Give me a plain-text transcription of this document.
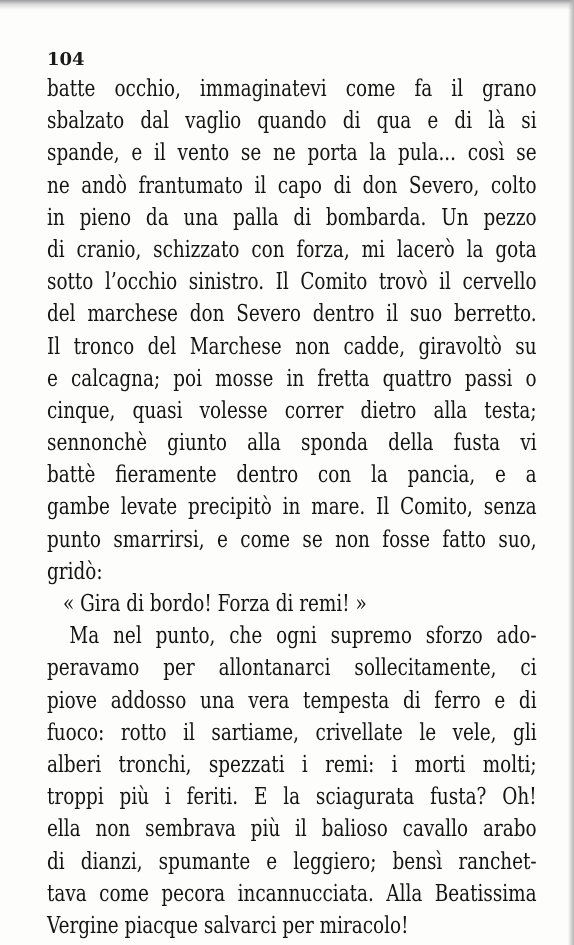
104
batte occhio, immaginatevi come fa il grano
sbalzato dal vaglio quando di qua e di là si
spande, e il vento se ne porta la pula... così se
ne andò frantumato il capo di don Severo, colto
in pieno da una palla di bombarda. Un pezzo
di cranio, schizzato con forza, mi lacerò la gota
sotto l’occhio sinistro. Il Comito trovò il cervello
del marchese don Severo dentro il suo berretto.
Il tronco del Marchese non cadde, giravoltò su
e calcagna; poi mosse in fretta quattro passi o
cinque, quasi volesse correr dietro alla testa;
sennonchè giunto alla sponda della fusta vi
battè fieramente dentro con la pancia, e a
gambe levate precipitò in mare. Il Comito, senza
punto smarrirsi, e come se non fosse fatto suo,
gridò:
« Gira di bordo! Forza di remi! »
Ma nel punto, che ogni supremo sforzo ado-
peravamo per allontanarci sollecitamente, ci
piove addosso una vera tempesta di ferro e di
fuoco: rotto il sartiame, crivellate le vele, gli
alberi tronchi, spezzati i remi: i morti molti;
troppi più i feriti. E la sciagurata fusta? Oh!
ella non sembrava più il balioso cavallo arabo
di dianzi, spumante e leggiero; bensì ranchet-
tava come pecora incannucciata. Alla Beatissima
Vergine piacque salvarci per miracolo!
